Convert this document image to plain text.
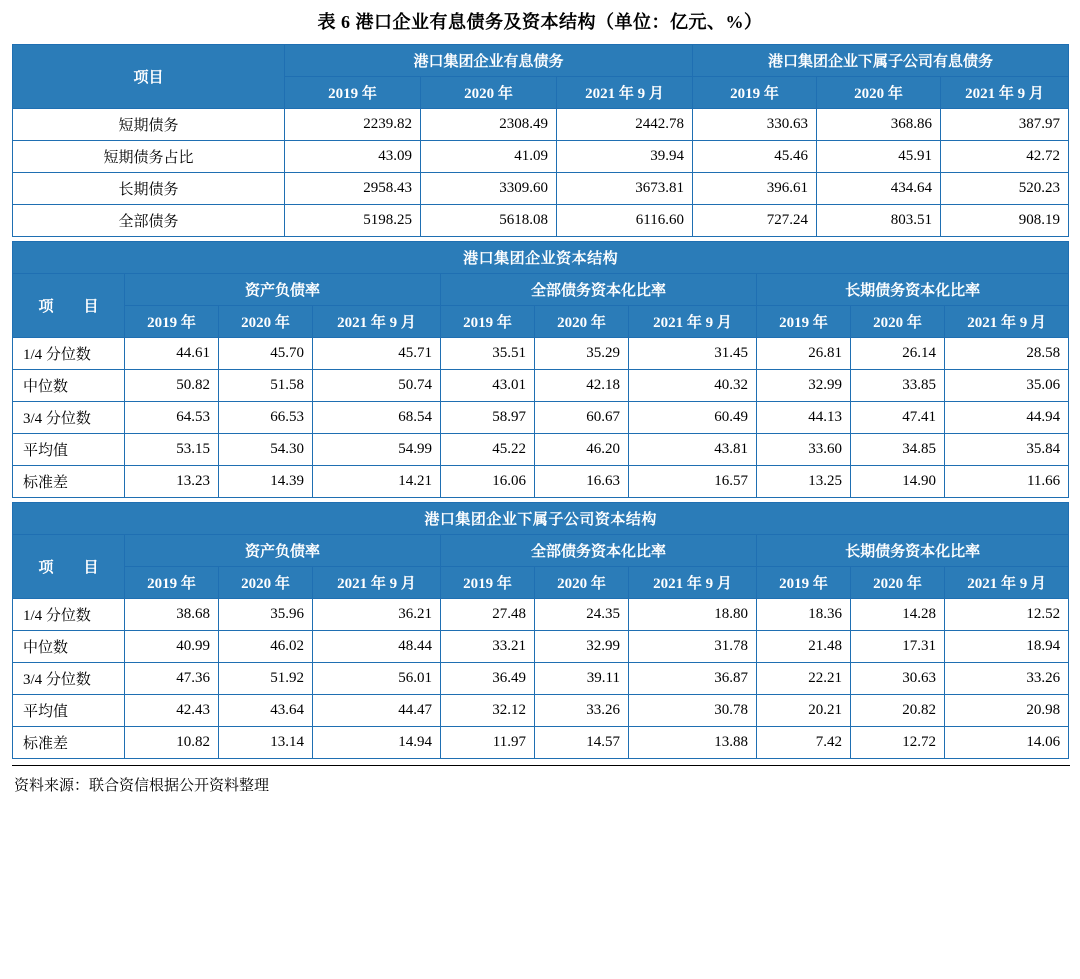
表 6 港口企业有息债务及资本结构（单位：亿元、%）
项目	港口集团企业有息债务			港口集团企业下属子公司有息债务		
	2019 年	2020 年	2021 年 9 月	2019 年	2020 年	2021 年 9 月
短期债务	2239.82	2308.49	2442.78	330.63	368.86	387.97
短期债务占比	43.09	41.09	39.94	45.46	45.91	42.72
长期债务	2958.43	3309.60	3673.81	396.61	434.64	520.23
全部债务	5198.25	5618.08	6116.60	727.24	803.51	908.19
港口集团企业资本结构									
项　　目	资产负债率			全部债务资本化比率			长期债务资本化比率		
	2019 年	2020 年	2021 年 9 月	2019 年	2020 年	2021 年 9 月	2019 年	2020 年	2021 年 9 月
1/4 分位数	44.61	45.70	45.71	35.51	35.29	31.45	26.81	26.14	28.58
中位数	50.82	51.58	50.74	43.01	42.18	40.32	32.99	33.85	35.06
3/4 分位数	64.53	66.53	68.54	58.97	60.67	60.49	44.13	47.41	44.94
平均值	53.15	54.30	54.99	45.22	46.20	43.81	33.60	34.85	35.84
标准差	13.23	14.39	14.21	16.06	16.63	16.57	13.25	14.90	11.66
港口集团企业下属子公司资本结构									
项　　目	资产负债率			全部债务资本化比率			长期债务资本化比率		
	2019 年	2020 年	2021 年 9 月	2019 年	2020 年	2021 年 9 月	2019 年	2020 年	2021 年 9 月
1/4 分位数	38.68	35.96	36.21	27.48	24.35	18.80	18.36	14.28	12.52
中位数	40.99	46.02	48.44	33.21	32.99	31.78	21.48	17.31	18.94
3/4 分位数	47.36	51.92	56.01	36.49	39.11	36.87	22.21	30.63	33.26
平均值	42.43	43.64	44.47	32.12	33.26	30.78	20.21	20.82	20.98
标准差	10.82	13.14	14.94	11.97	14.57	13.88	7.42	12.72	14.06
资料来源：联合资信根据公开资料整理
